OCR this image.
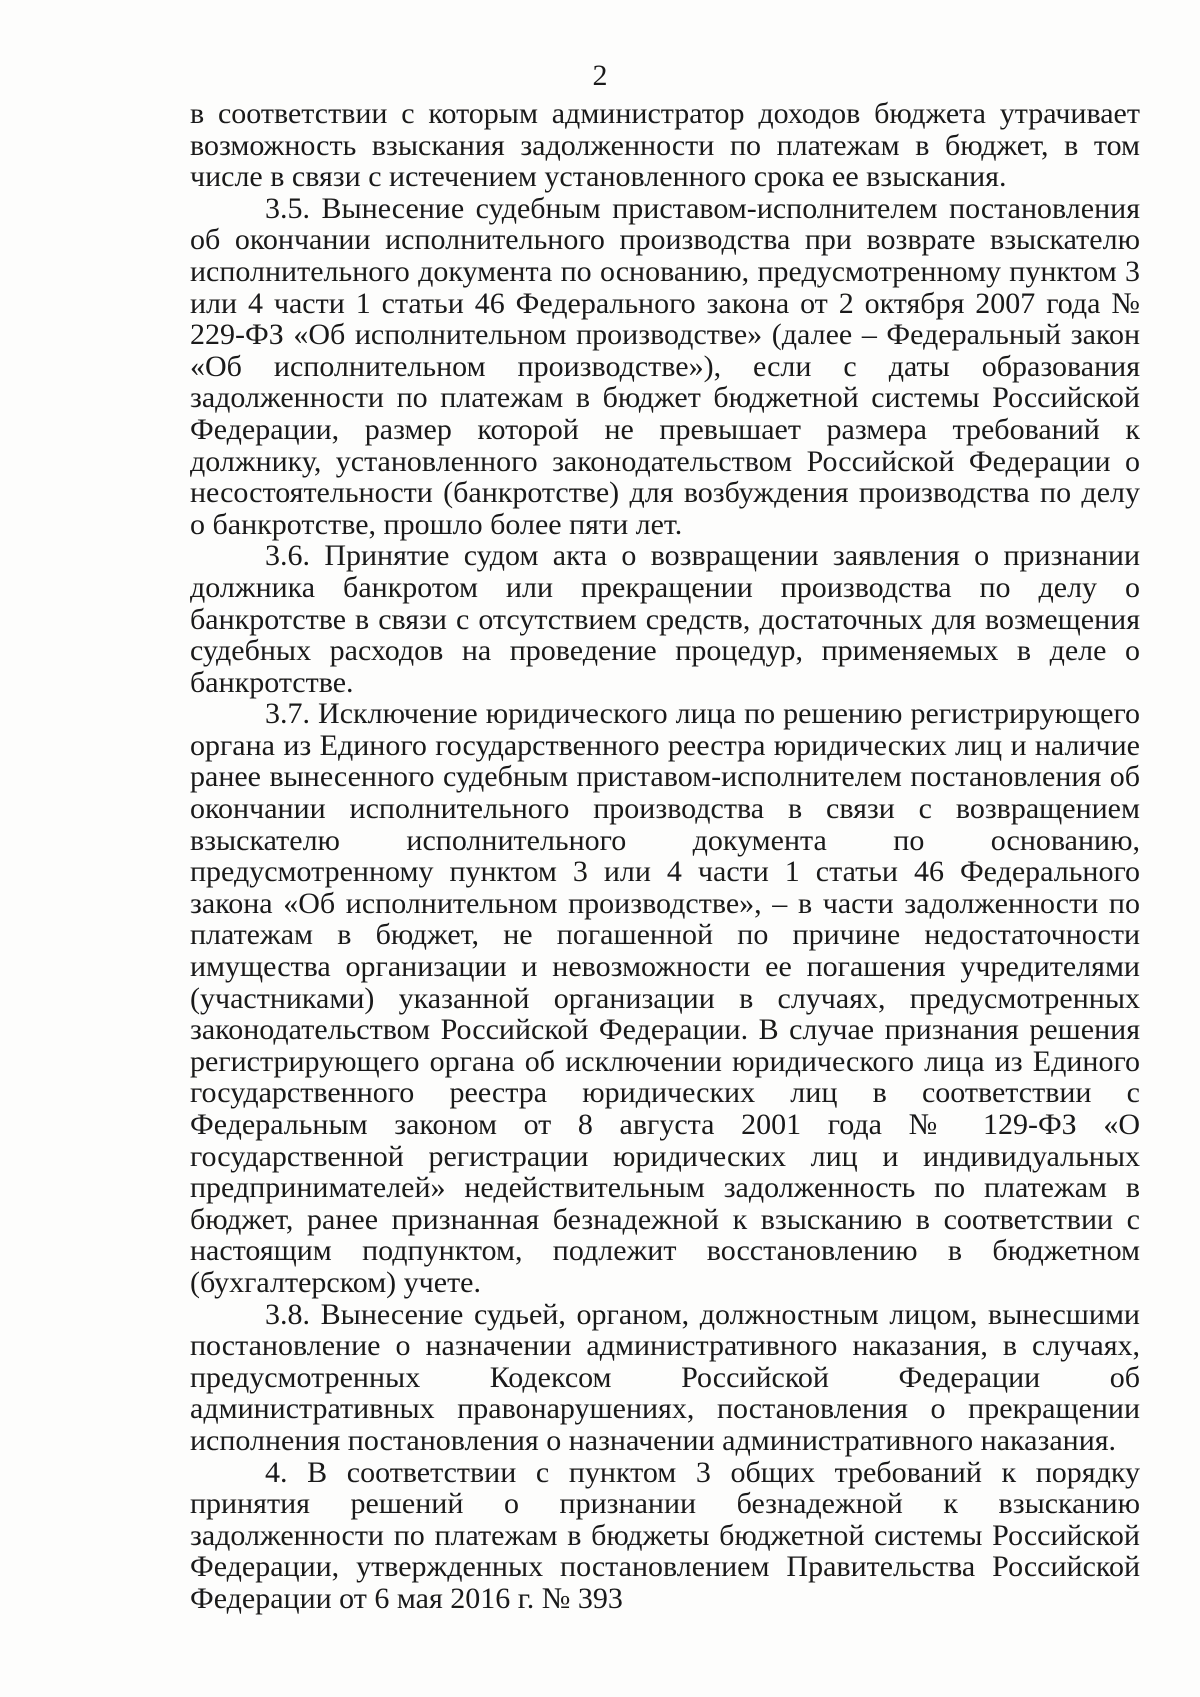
2

в соответствии с которым администратор доходов бюджета утрачивает возможность взыскания задолженности по платежам в бюджет, в том числе в связи с истечением установленного срока ее взыскания.

3.5. Вынесение судебным приставом-исполнителем постановления об окончании исполнительного производства при возврате взыскателю исполнительного документа по основанию, предусмотренному пунктом 3 или 4 части 1 статьи 46 Федерального закона от 2 октября 2007 года № 229-ФЗ «Об исполнительном производстве» (далее – Федеральный закон «Об исполнительном производстве»), если с даты образования задолженности по платежам в бюджет бюджетной системы Российской Федерации, размер которой не превышает размера требований к должнику, установленного законодательством Российской Федерации о несостоятельности (банкротстве) для возбуждения производства по делу о банкротстве, прошло более пяти лет.

3.6. Принятие судом акта о возвращении заявления о признании должника банкротом или прекращении производства по делу о банкротстве в связи с отсутствием средств, достаточных для возмещения судебных расходов на проведение процедур, применяемых в деле о банкротстве.

3.7. Исключение юридического лица по решению регистрирующего органа из Единого государственного реестра юридических лиц и наличие ранее вынесенного судебным приставом-исполнителем постановления об окончании исполнительного производства в связи с возвращением взыскателю исполнительного документа по основанию, предусмотренному пунктом 3 или 4 части 1 статьи 46 Федерального закона «Об исполнительном производстве», – в части задолженности по платежам в бюджет, не погашенной по причине недостаточности имущества организации и невозможности ее погашения учредителями (участниками) указанной организации в случаях, предусмотренных законодательством Российской Федерации. В случае признания решения регистрирующего органа об исключении юридического лица из Единого государственного реестра юридических лиц в соответствии с Федеральным законом от 8 августа 2001 года № 129-ФЗ «О государственной регистрации юридических лиц и индивидуальных предпринимателей» недействительным задолженность по платежам в бюджет, ранее признанная безнадежной к взысканию в соответствии с настоящим подпунктом, подлежит восстановлению в бюджетном (бухгалтерском) учете.

3.8. Вынесение судьей, органом, должностным лицом, вынесшими постановление о назначении административного наказания, в случаях, предусмотренных Кодексом Российской Федерации об административных правонарушениях, постановления о прекращении исполнения постановления о назначении административного наказания.

4. В соответствии с пунктом 3 общих требований к порядку принятия решений о признании безнадежной к взысканию задолженности по платежам в бюджеты бюджетной системы Российской Федерации, утвержденных постановлением Правительства Российской Федерации от 6 мая 2016 г. № 393
